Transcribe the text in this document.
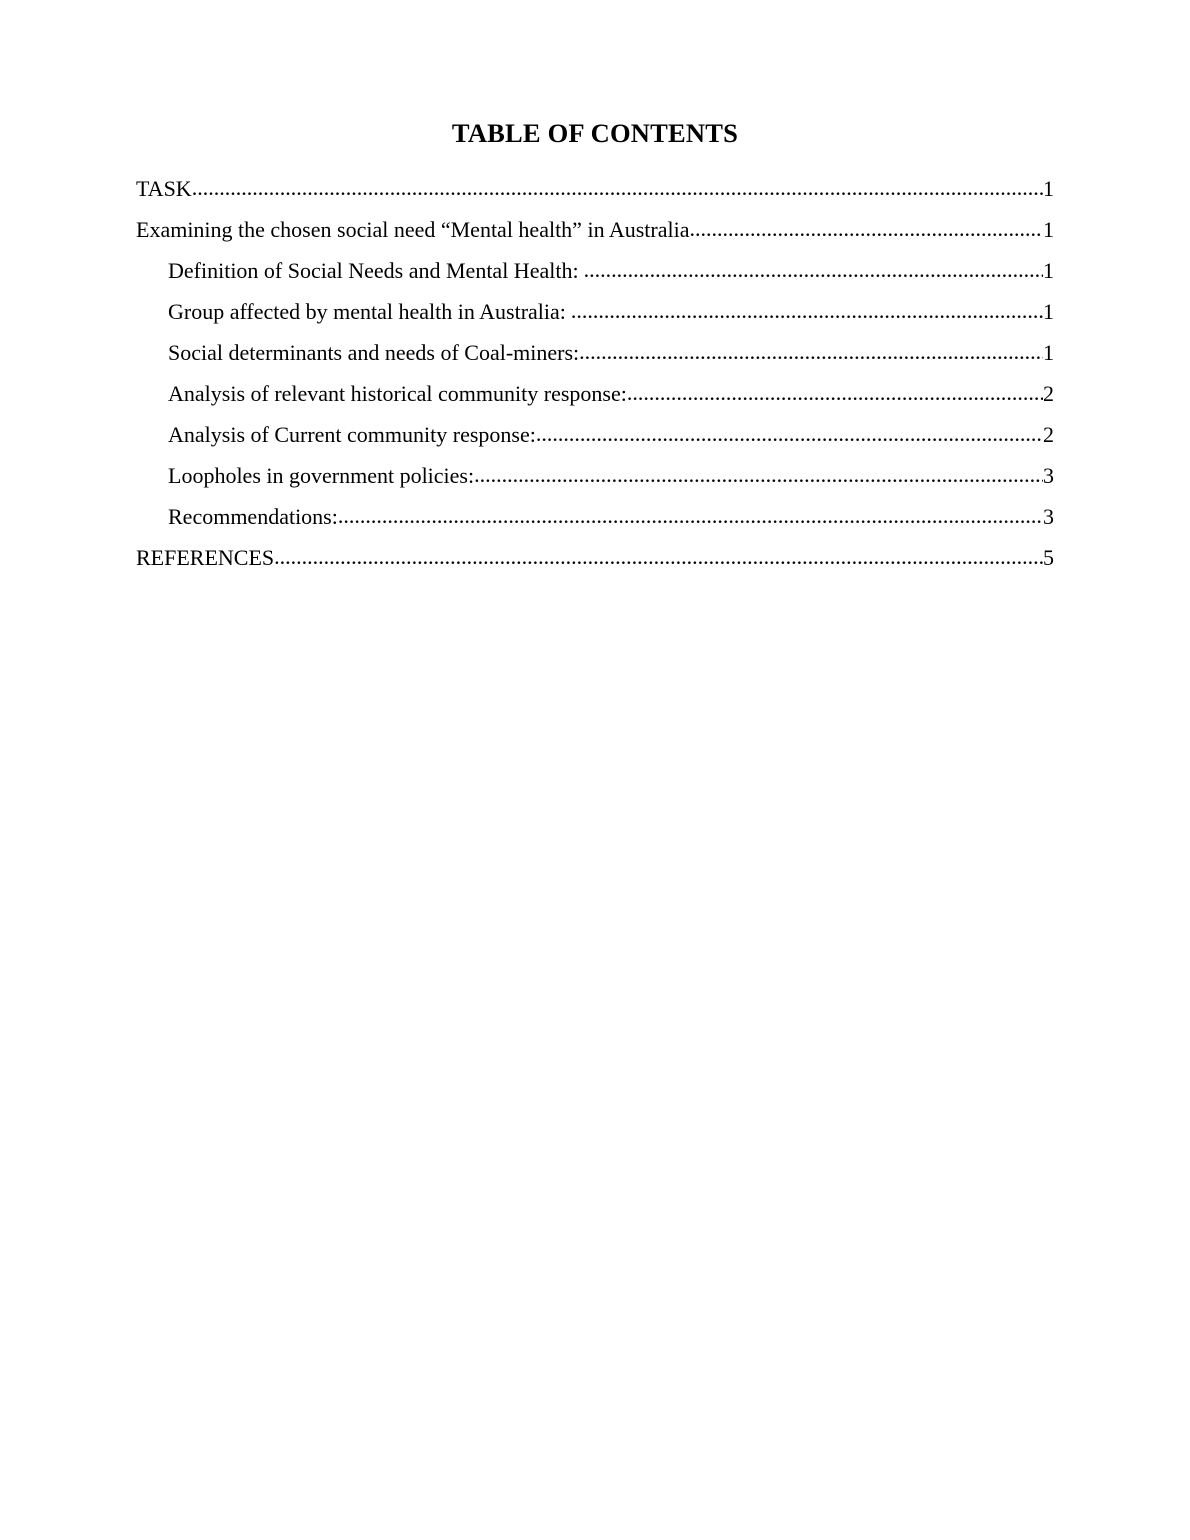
TABLE OF CONTENTS
TASK .....	1
Examining the chosen social need “Mental health” in Australia .....	1
Definition of Social Needs and Mental Health: .....	1
Group affected by mental health in Australia: .....	1
Social determinants and needs of Coal-miners: .....	1
Analysis of relevant historical community response: .....	2
Analysis of Current community response: .....	2
Loopholes in government policies: .....	3
Recommendations: .....	3
REFERENCES .....	5
